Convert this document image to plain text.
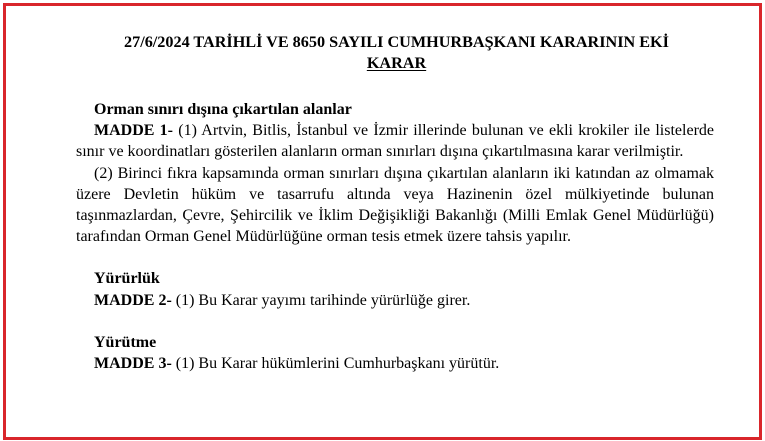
27/6/2024 TARİHLİ VE 8650 SAYILI CUMHURBAŞKANI KARARININ EKİ
KARAR

Orman sınırı dışına çıkartılan alanlar

MADDE 1- (1) Artvin, Bitlis, İstanbul ve İzmir illerinde bulunan ve ekli krokiler ile listelerde sınır ve koordinatları gösterilen alanların orman sınırları dışına çıkartılmasına karar verilmiştir.

(2) Birinci fıkra kapsamında orman sınırları dışına çıkartılan alanların iki katından az olmamak üzere Devletin hüküm ve tasarrufu altında veya Hazinenin özel mülkiyetinde bulunan taşınmazlardan, Çevre, Şehircilik ve İklim Değişikliği Bakanlığı (Milli Emlak Genel Müdürlüğü) tarafından Orman Genel Müdürlüğüne orman tesis etmek üzere tahsis yapılır.

Yürürlük

MADDE 2- (1) Bu Karar yayımı tarihinde yürürlüğe girer.

Yürütme

MADDE 3- (1) Bu Karar hükümlerini Cumhurbaşkanı yürütür.
